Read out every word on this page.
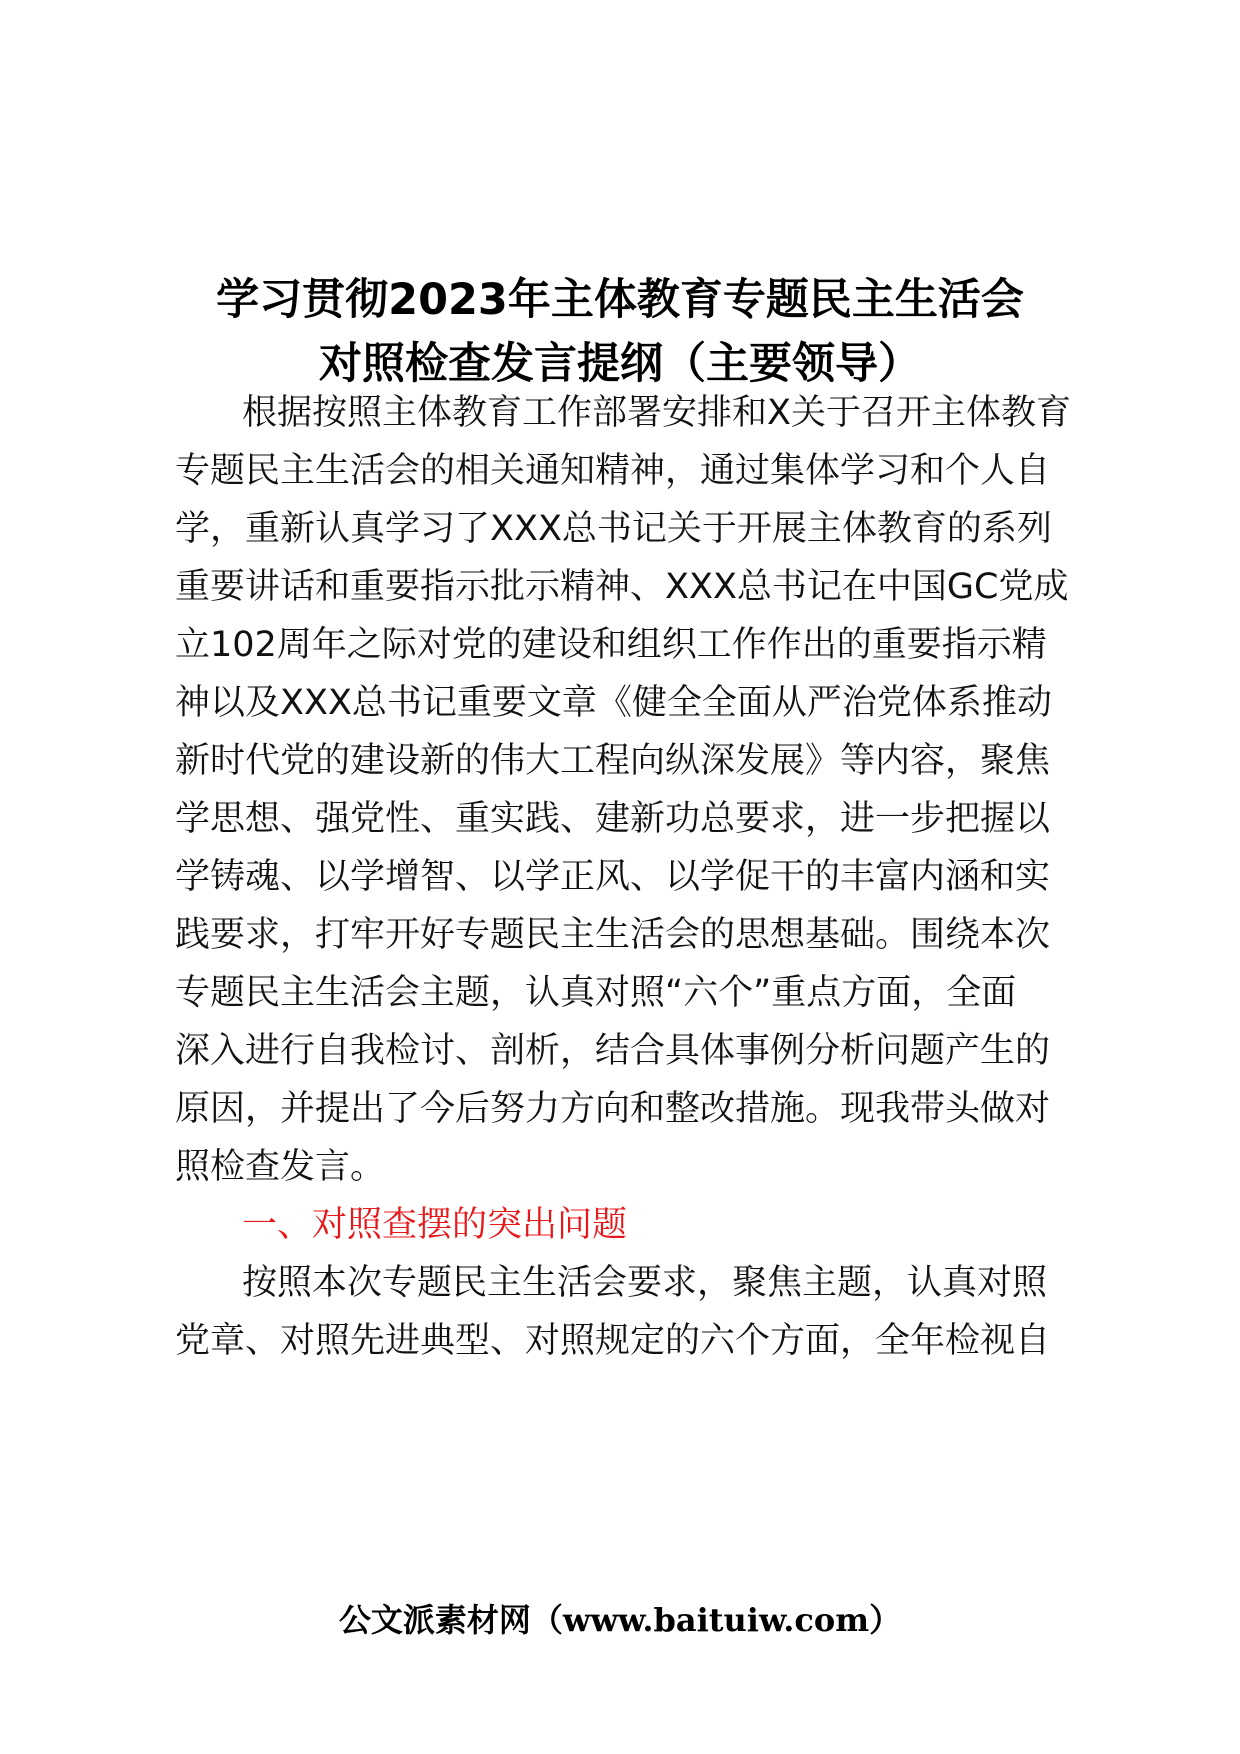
学习贯彻2023年主体教育专题民主生活会
对照检查发言提纲（主要领导）
根据按照主体教育工作部署安排和X关于召开主体教育
专题民主生活会的相关通知精神，通过集体学习和个人自
学，重新认真学习了XXX总书记关于开展主体教育的系列
重要讲话和重要指示批示精神、XXX总书记在中国GC党成
立102周年之际对党的建设和组织工作作出的重要指示精
神以及XXX总书记重要文章《健全全面从严治党体系推动
新时代党的建设新的伟大工程向纵深发展》等内容，聚焦
学思想、强党性、重实践、建新功总要求，进一步把握以
学铸魂、以学增智、以学正风、以学促干的丰富内涵和实
践要求，打牢开好专题民主生活会的思想基础。围绕本次
专题民主生活会主题，认真对照“六个”重点方面，全面
深入进行自我检讨、剖析，结合具体事例分析问题产生的
原因，并提出了今后努力方向和整改措施。现我带头做对
照检查发言。
一、对照查摆的突出问题
按照本次专题民主生活会要求，聚焦主题，认真对照
党章、对照先进典型、对照规定的六个方面，全年检视自
公文派素材网（www.baituiw.com）
